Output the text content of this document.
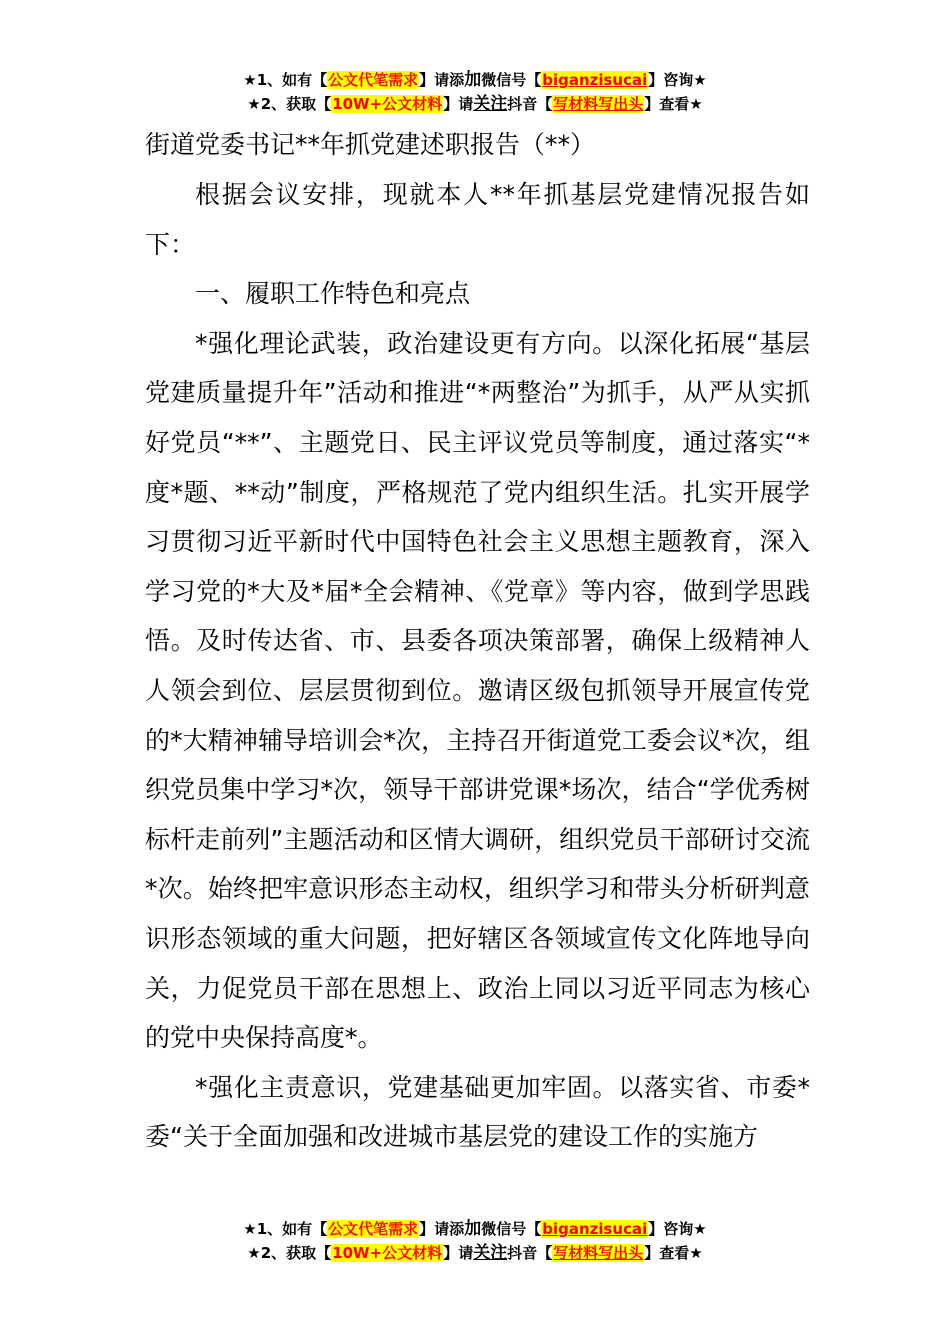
★1、如有【公文代笔需求】请添加微信号【biganzisucai】咨询★
★2、获取【10W+公文材料】请关注抖音【写材料写出头】查看★
街道党委书记**年抓党建述职报告（**）

根据会议安排，现就本人**年抓基层党建情况报告如下：

一、履职工作特色和亮点

*强化理论武装，政治建设更有方向。以深化拓展“基层党建质量提升年”活动和推进“*两整治”为抓手，从严从实抓好党员“**”、主题党日、民主评议党员等制度，通过落实“*度*题、**动”制度，严格规范了党内组织生活。扎实开展学习贯彻习近平新时代中国特色社会主义思想主题教育，深入学习党的*大及*届*全会精神、《党章》等内容，做到学思践悟。及时传达省、市、县委各项决策部署，确保上级精神人人领会到位、层层贯彻到位。邀请区级包抓领导开展宣传党的*大精神辅导培训会*次，主持召开街道党工委会议*次，组织党员集中学习*次，领导干部讲党课*场次，结合“学优秀树标杆走前列”主题活动和区情大调研，组织党员干部研讨交流*次。始终把牢意识形态主动权，组织学习和带头分析研判意识形态领域的重大问题，把好辖区各领域宣传文化阵地导向关，力促党员干部在思想上、政治上同以习近平同志为核心的党中央保持高度*。

*强化主责意识，党建基础更加牢固。以落实省、市委*委“关于全面加强和改进城市基层党的建设工作的实施方

★1、如有【公文代笔需求】请添加微信号【biganzisucai】咨询★
★2、获取【10W+公文材料】请关注抖音【写材料写出头】查看★
